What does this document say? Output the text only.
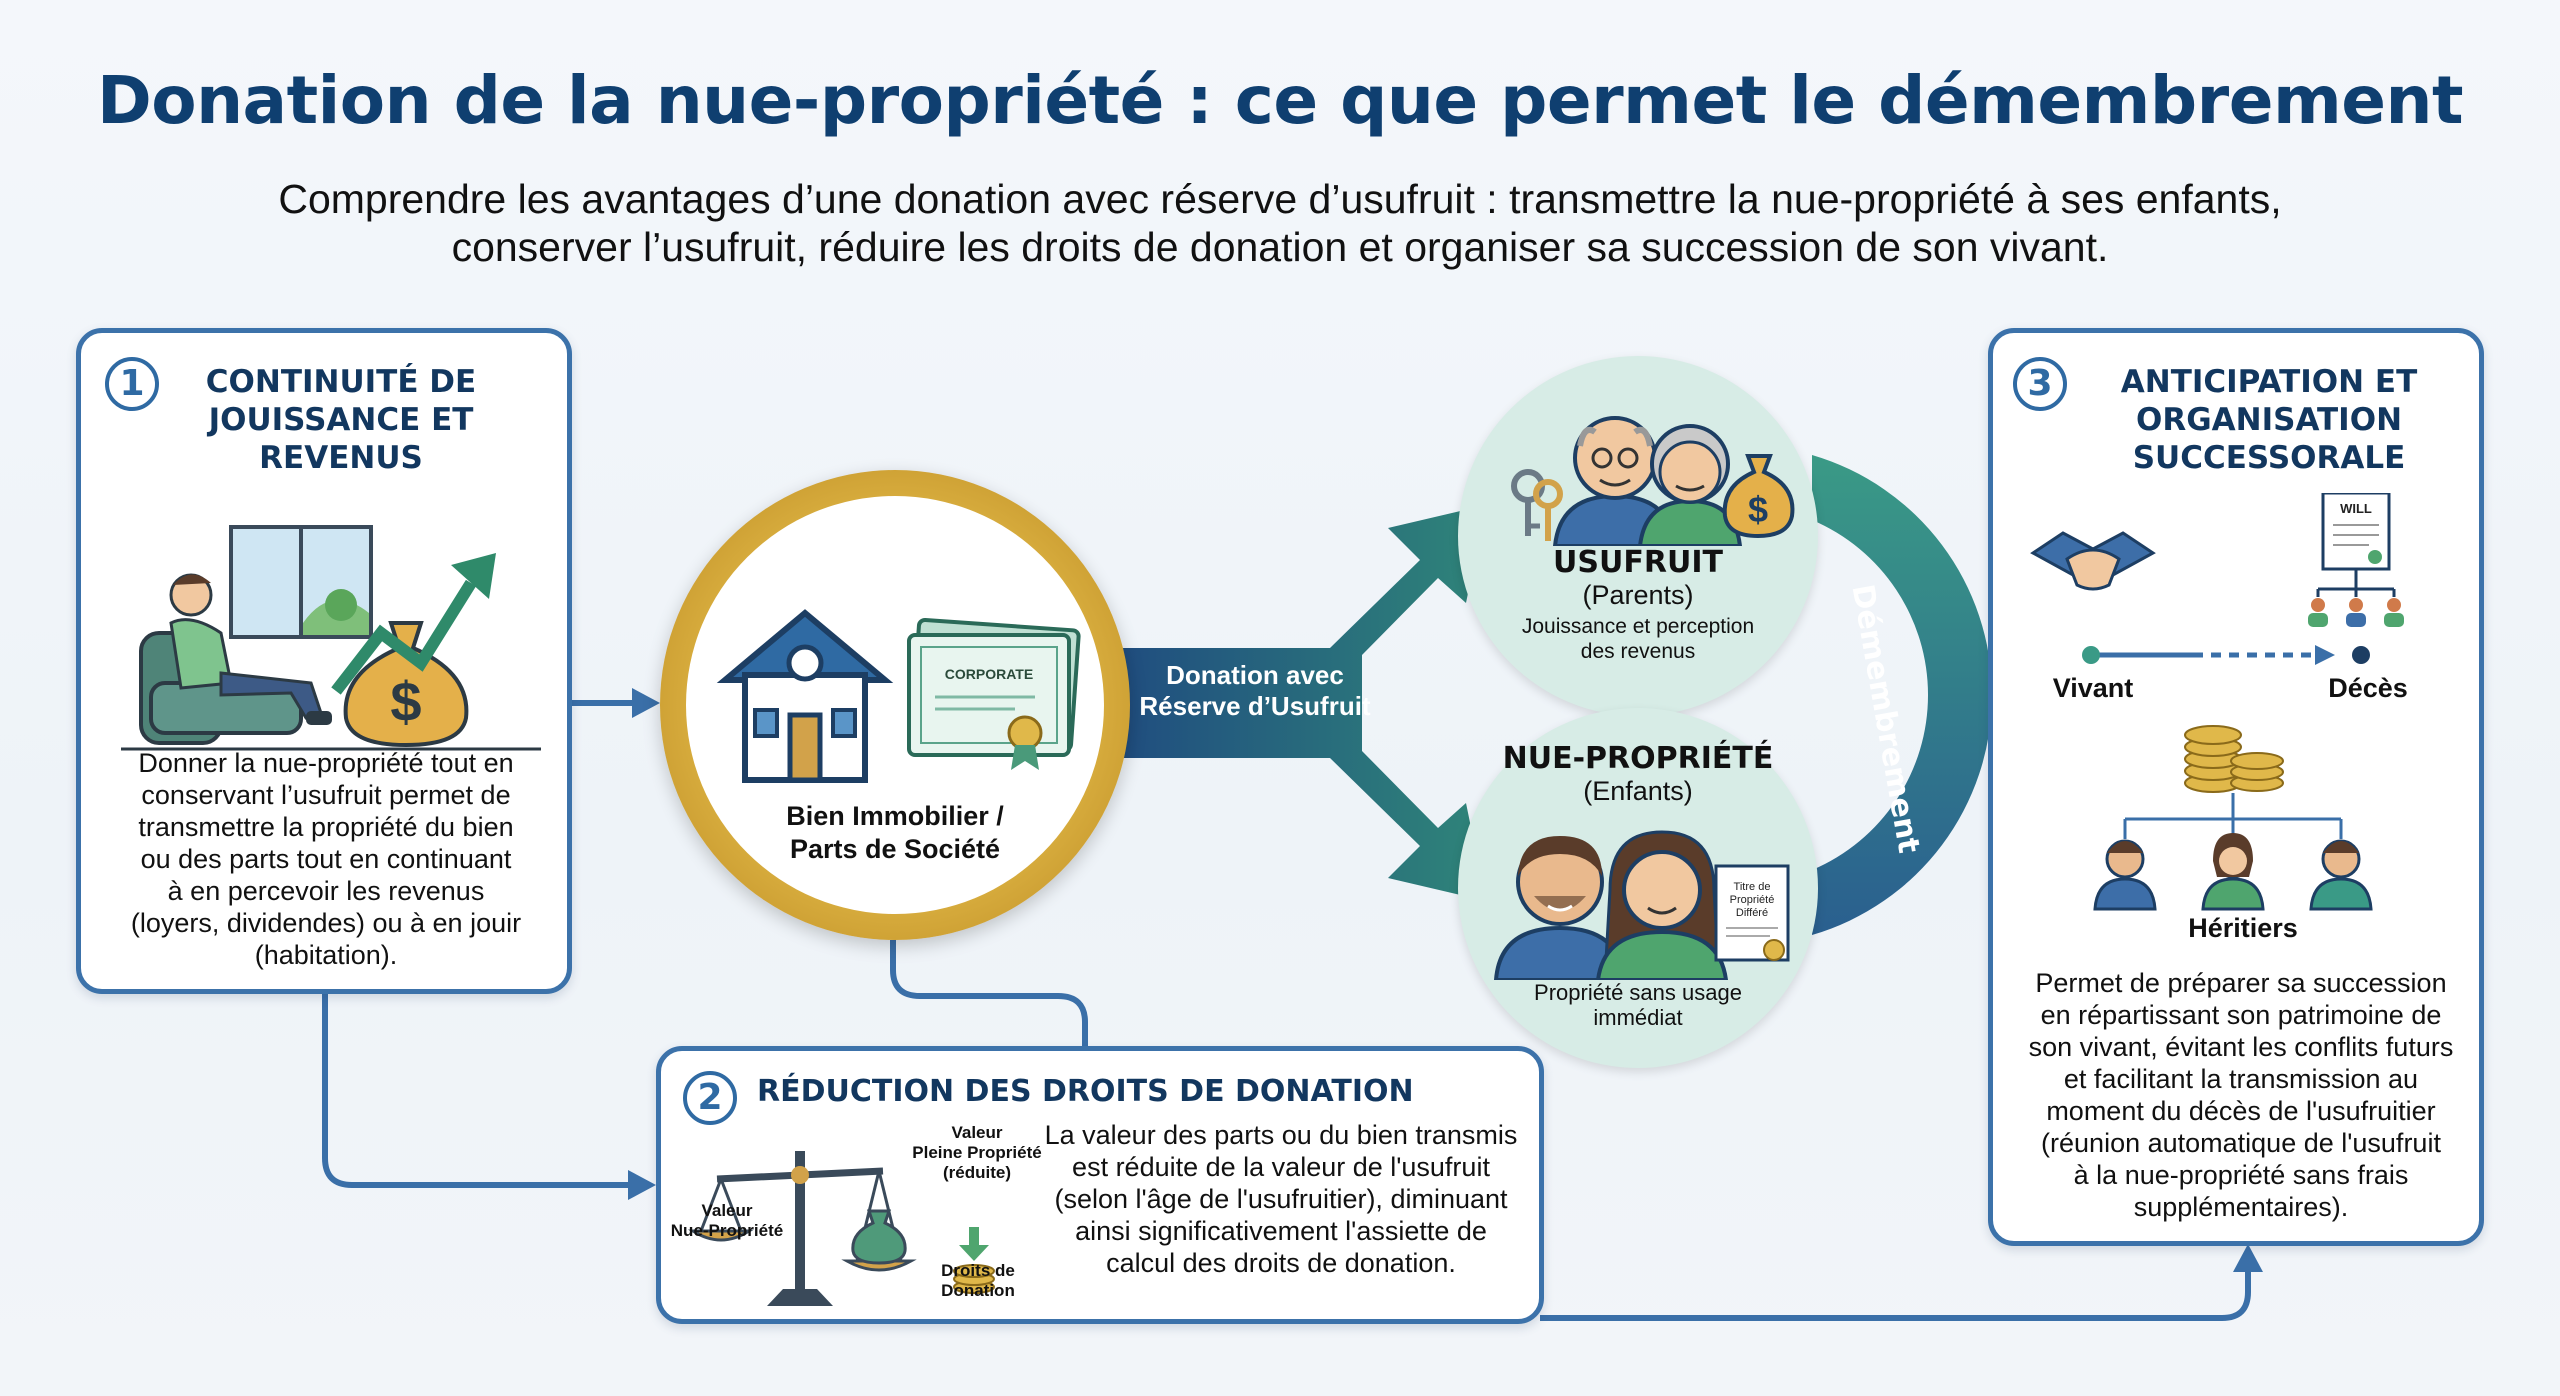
Donation de la nue-propriété : ce que permet le démembrement
Comprendre les avantages d’une donation avec réserve d’usufruit : transmettre la nue-propriété à ses enfants,
conserver l’usufruit, réduire les droits de donation et organiser sa succession de son vivant.
Donation avec
Réserve d’Usufruit	Démembrement
1	CONTINUITÉ DE
JOUISSANCE ET
REVENUS
$
Donner la nue-propriété tout en
conservant l’usufruit permet de
transmettre la propriété du bien
ou des parts tout en continuant
à en percevoir les revenus
(loyers, dividendes) ou à en jouir
(habitation).
CORPORATE
Bien Immobilier /
Parts de Société
$
USUFRUIT
(Parents)
Jouissance et perception
des revenus
NUE-PROPRIÉTÉ
(Enfants)
Titre de
Propriété
Différé
Propriété sans usage
immédiat
2	RÉDUCTION DES DROITS DE DONATION
Valeur
Nue-Propriété
Valeur
Pleine Propriété
(réduite)
Droits de
Donation
La valeur des parts ou du bien transmis
est réduite de la valeur de l'usufruit
(selon l'âge de l'usufruitier), diminuant
ainsi significativement l'assiette de
calcul des droits de donation.
3	ANTICIPATION ET
ORGANISATION
SUCCESSORALE
WILL
Vivant	Décès
Héritiers
Permet de préparer sa succession
en répartissant son patrimoine de
son vivant, évitant les conflits futurs
et facilitant la transmission au
moment du décès de l'usufruitier
(réunion automatique de l'usufruit
à la nue-propriété sans frais
supplémentaires).
